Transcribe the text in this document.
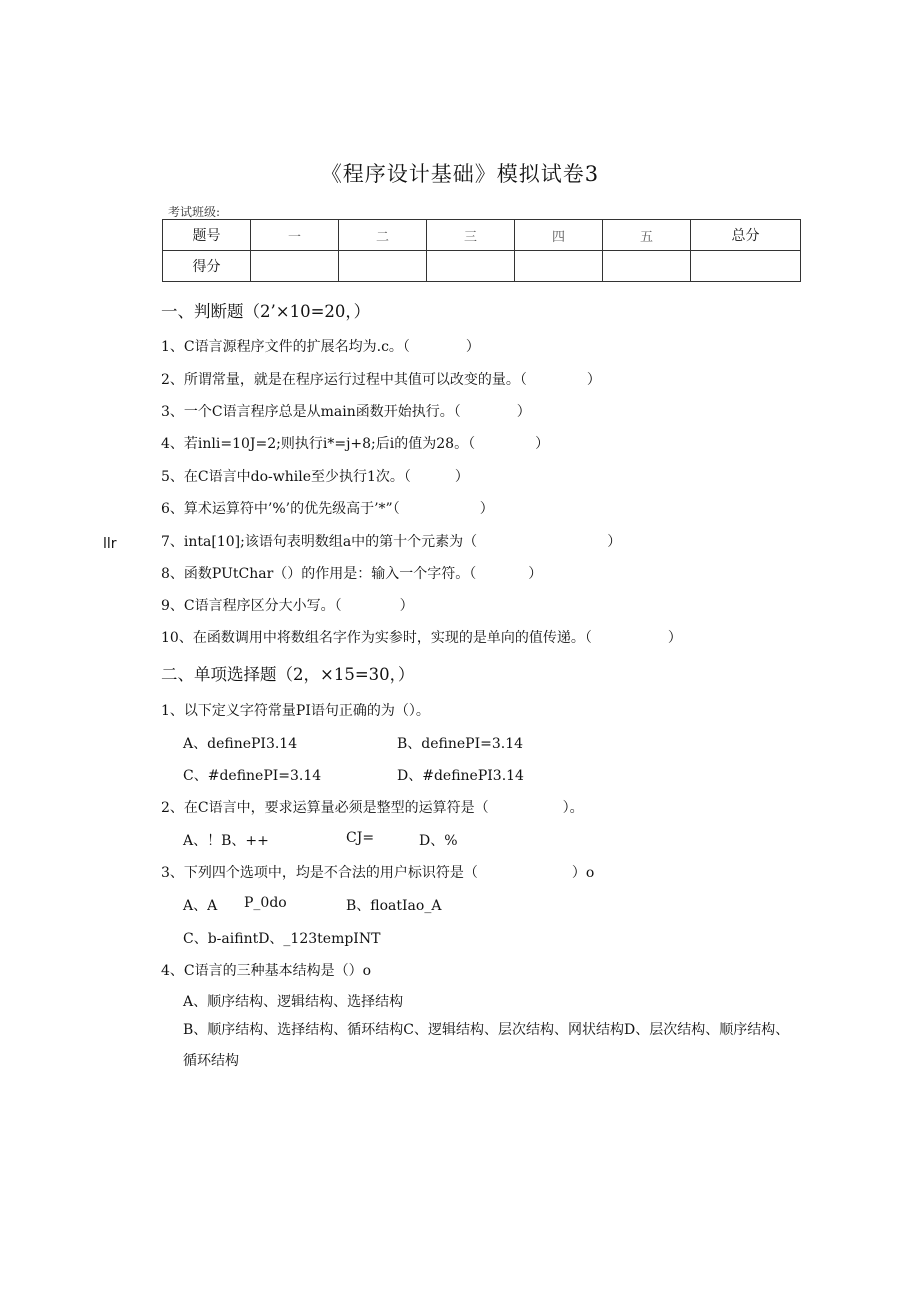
《程序设计基础》模拟试卷3
考试班级:
题号	一	二	三	四	五	总分
得分						
一、判断题（2’×10=20，）
1、C语言源程序文件的扩展名均为.c。（	）
2、所谓常量，就是在程序运行过程中其值可以改变的量。（	）
3、一个C语言程序总是从main函数开始执行。（	）
4、若inli=10J=2;则执行i*=j+8;后i的值为28。（	）
5、在C语言中do-while至少执行1次。（	）
6、算术运算符中’%’的优先级高于’*”（	）
7、inta[10];该语句表明数组a中的第十个元素为（	）
8、函数PUtChar（）的作用是：输入一个字符。（	）
9、C语言程序区分大小写。（	）
10、在函数调用中将数组名字作为实参时，实现的是单向的值传递。（	）
llr
二、单项选择题（2，×15=30，）
1、以下定义字符常量PI语句正确的为（）。
A、definePI3.14	B、definePI=3.14
C、#definePI=3.14	D、#definePI3.14
2、在C语言中，要求运算量必须是整型的运算符是（	）。
A、！B、++	CJ=	D、%
3、下列四个选项中，均是不合法的用户标识符是（	）o
A、A P_0do	B、floatIao_A
C、b-aifintD、_123tempINT
4、C语言的三种基本结构是（）o
A、顺序结构、逻辑结构、选择结构
B、顺序结构、选择结构、循环结构C、逻辑结构、层次结构、网状结构D、层次结构、顺序结构、循环结构
